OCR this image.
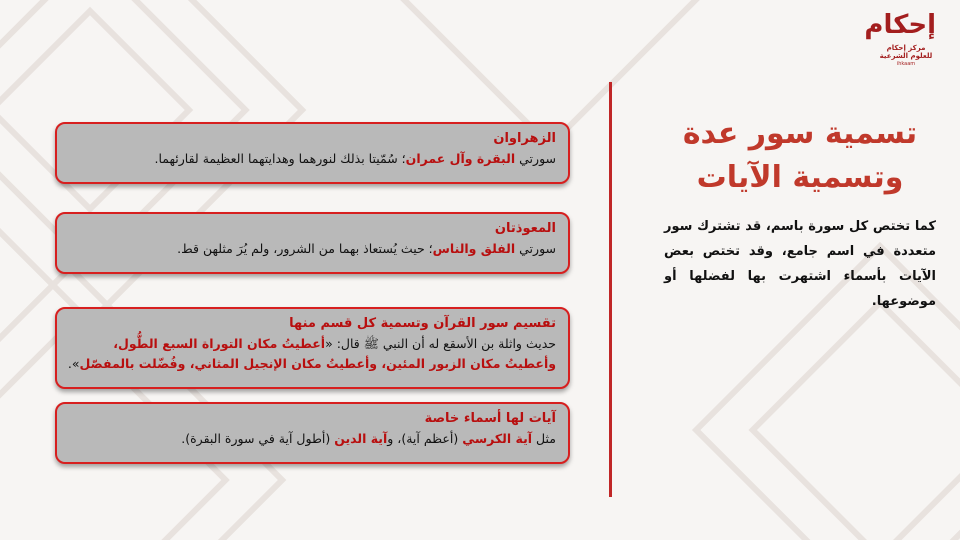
إحكام
مركز إحكام للعلوم الشرعية
ihkaam
تسمية سور عدة
وتسمية الآيات

كما تختص كل سورة باسم، قد تشترك سور متعددة في اسم جامع، وقد تختص بعض الآيات بأسماء اشتهرت بها لفضلها أو موضوعها.

الزهراوان
سورتي البقرة وآل عمران؛ سُمّيتا بذلك لنورهما وهدايتهما العظيمة لقارئهما.
المعوذتان
سورتي الفلق والناس؛ حيث يُستعاذ بهما من الشرور، ولم يُرَ مثلهن قط.
تقسيم سور القرآن وتسمية كل قسم منها
حديث واثلة بن الأسقع له أن النبي ﷺ قال: «أعطيتُ مكان التوراة السبع الطُّول، وأعطيتُ مكان الزبور المئين، وأعطيتُ مكان الإنجيل المثاني، وفُضّلت بالمفصّل».
آيات لها أسماء خاصة
مثل آية الكرسي (أعظم آية)، وآية الدين (أطول آية في سورة البقرة).
